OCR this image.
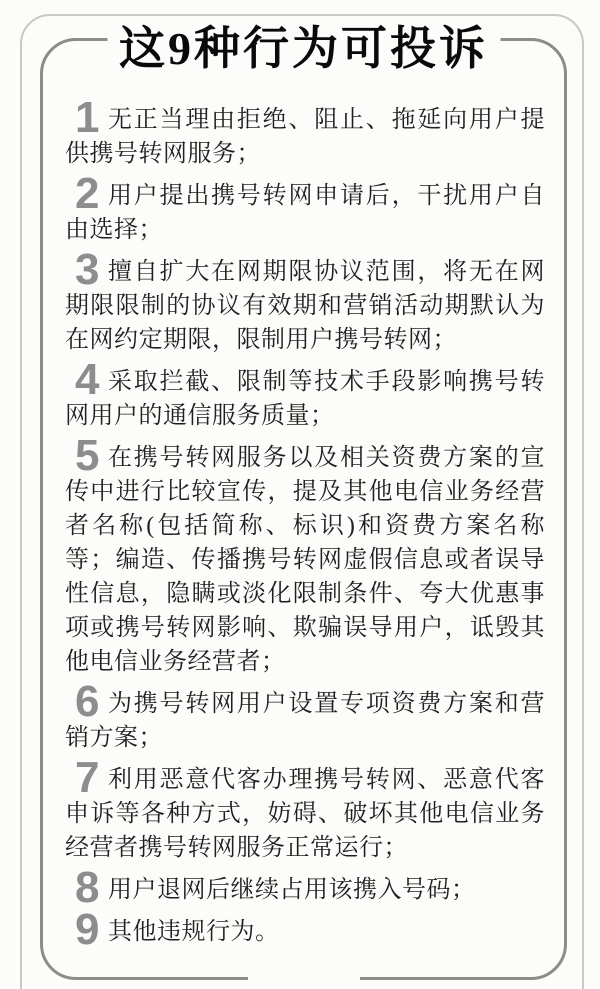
这9种行为可投诉
1 无正当理由拒绝、阻止、拖延向用户提供携号转网服务；
2 用户提出携号转网申请后，干扰用户自由选择；
3 擅自扩大在网期限协议范围，将无在网期限限制的协议有效期和营销活动期默认为在网约定期限，限制用户携号转网；
4 采取拦截、限制等技术手段影响携号转网用户的通信服务质量；
5 在携号转网服务以及相关资费方案的宣传中进行比较宣传，提及其他电信业务经营者名称(包括简称、标识)和资费方案名称等；编造、传播携号转网虚假信息或者误导性信息，隐瞒或淡化限制条件、夸大优惠事项或携号转网影响、欺骗误导用户，诋毁其他电信业务经营者；
6 为携号转网用户设置专项资费方案和营销方案；
7 利用恶意代客办理携号转网、恶意代客申诉等各种方式，妨碍、破坏其他电信业务经营者携号转网服务正常运行；
8 用户退网后继续占用该携入号码；
9 其他违规行为。
